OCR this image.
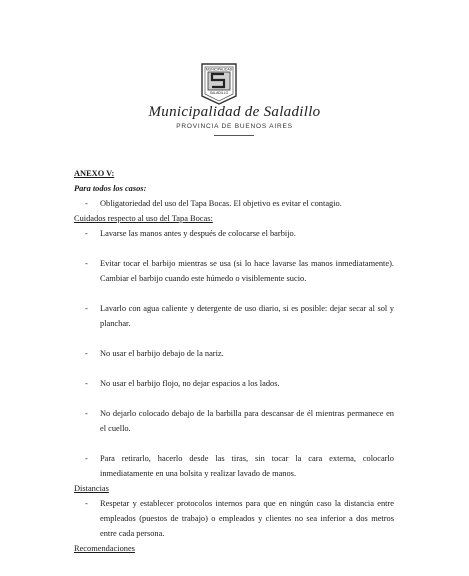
MUNICIPALIDAD
SALADILLO
Municipalidad de Saladillo
PROVINCIA DE BUENOS AIRES

ANEXO V:

Para todos los casos:

- Obligatoriedad del uso del Tapa Bocas. El objetivo es evitar el contagio.

Cuidados respecto al uso del Tapa Bocas:

- Lavarse las manos antes y después de colocarse el barbijo.

- Evitar tocar el barbijo mientras se usa (si lo hace lavarse las manos inmediatamente). Cambiar el barbijo cuando este húmedo o visiblemente sucio.

- Lavarlo con agua caliente y detergente de uso diario, si es posible: dejar secar al sol y planchar.

- No usar el barbijo debajo de la nariz.

- No usar el barbijo flojo, no dejar espacios a los lados.

- No dejarlo colocado debajo de la barbilla para descansar de él mientras permanece en el cuello.

- Para retirarlo, hacerlo desde las tiras, sin tocar la cara externa, colocarlo inmediatamente en una bolsita y realizar lavado de manos.

Distancias

- Respetar y establecer protocolos internos para que en ningún caso la distancia entre empleados (puestos de trabajo) o empleados y clientes no sea inferior a dos metros entre cada persona.

Recomendaciones
